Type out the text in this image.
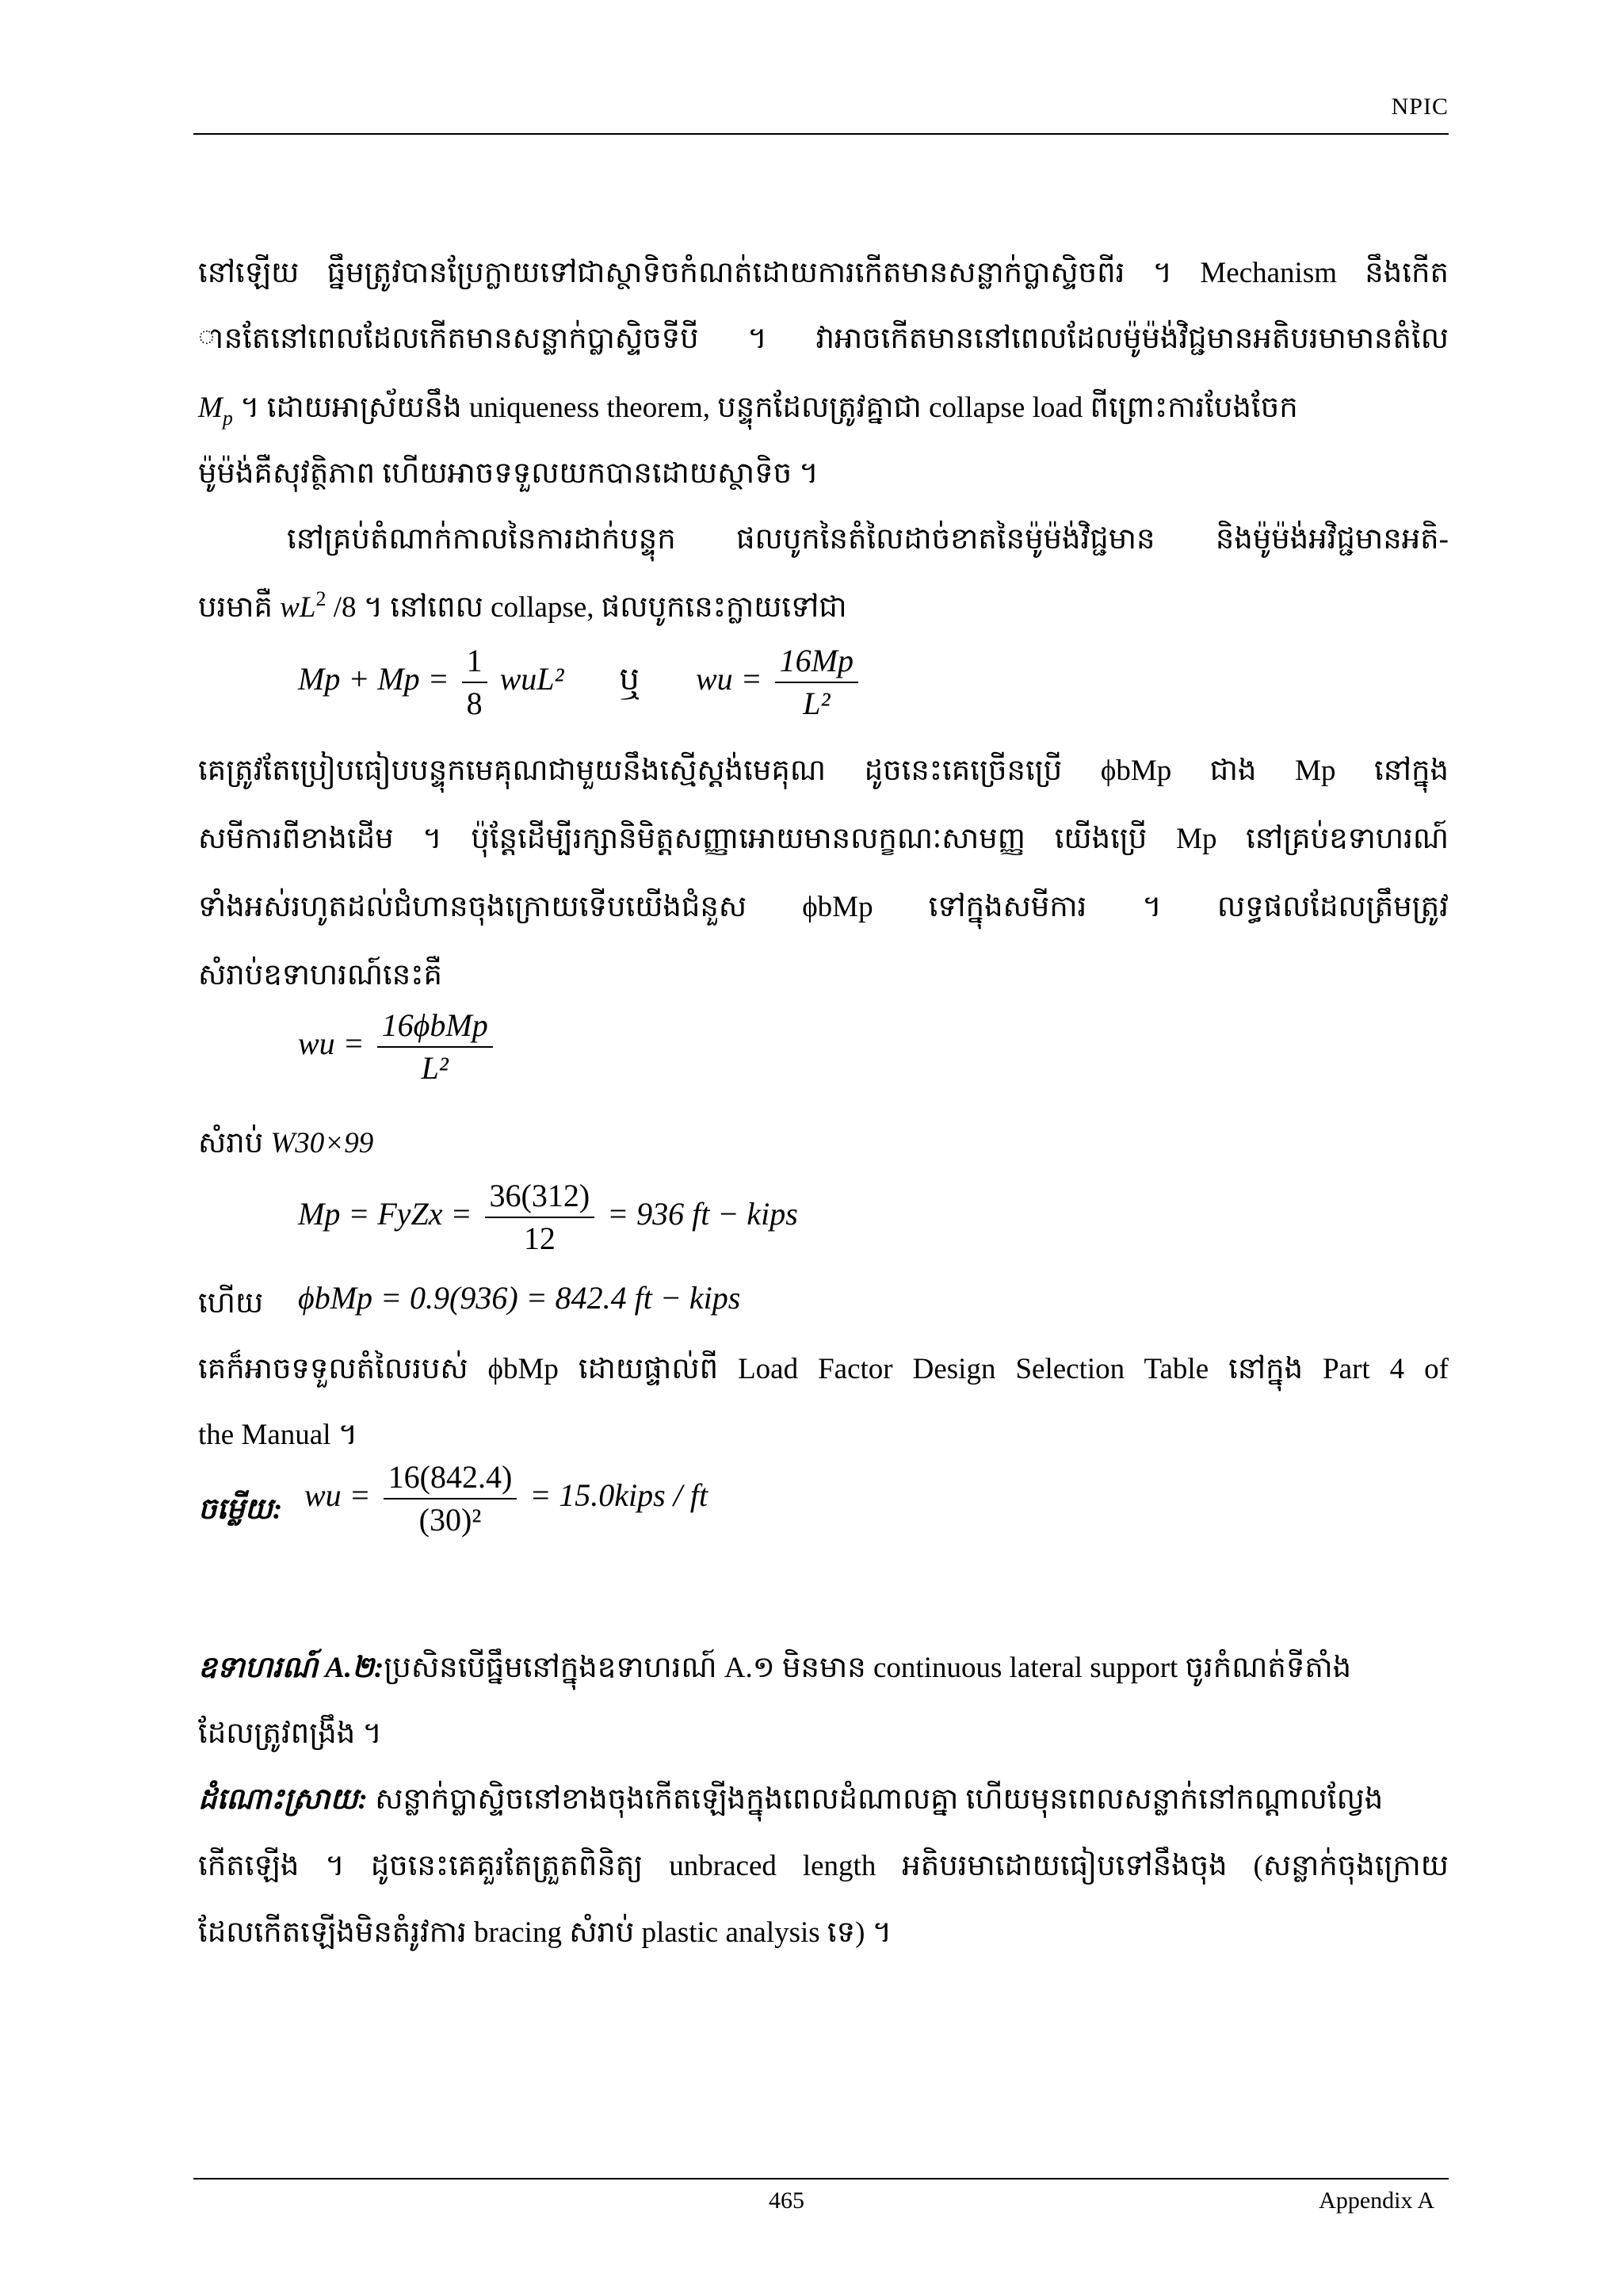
NPIC
នៅឡើយ ធ្នឹមត្រូវបានប្រែក្លាយទៅជាស្ថាទិចកំណត់ដោយការកើតមានសន្លាក់ប្លាស្ទិចពីរ ។ Mechanism នឹងកើត
ានតែនៅពេលដែលកើតមានសន្លាក់ប្លាស្ទិចទីបី ។ វាអាចកើតមាននៅពេលដែលម៉ូម៉ង់វិជ្ជមានអតិបរមាមានតំលៃ
$M_p$ ។ ដោយអាស្រ័យនឹង uniqueness theorem, បន្ទុកដែលត្រូវគ្នាជា collapse load ពីព្រោះការបែងចែក
ម៉ូម៉ង់គឺសុវត្ថិភាព ហើយអាចទទួលយកបានដោយស្ថាទិច ។
នៅគ្រប់តំណាក់កាលនៃការដាក់បន្ទុក ផលបូកនៃតំលៃដាច់ខាតនៃម៉ូម៉ង់វិជ្ជមាន និងម៉ូម៉ង់អវិជ្ជមានអតិ-
បរមាគឺ $wL^2$ /8 ។ នៅពេល collapse, ផលបូកនេះក្លាយទៅជា
$Mp + Mp = \frac{1}{8} wuL^2$ ឬ wu = $\frac{16Mp}{\text{L²}}$
គេត្រូវតែប្រៀបធៀបបន្ទុកមេគុណជាមួយនឹងស្មើស្តង់មេគុណ ដូចនេះគេច្រើនប្រើ ϕbMp ជាង Mp នៅក្នុង
សមីការពីខាងដើម ។ ប៉ុន្តែដើម្បីរក្សានិមិត្តសញ្ញាអោយមានលក្ខណៈសាមញ្ញ យើងប្រើ Mp នៅគ្រប់ឧទាហរណ៍
ទាំងអស់រហូតដល់ជំហានចុងក្រោយទើបយើងជំនួស ϕbMp ទៅក្នុងសមីការ ។ លទ្ធផលដែលត្រឹមត្រូវ
សំរាប់ឧទាហរណ៍នេះគឺ
wu = $\frac{\text{16ϕbMp}}{\text{L²}}$
សំរាប់ W30×99
Mp = FyZx = $\frac{36(312)}{12} = 936$ ft − kips
ហើយ	ϕbMp = 0.9(936) = 842.4 ft − kips
គេក៏អាចទទួលតំលៃរបស់ ϕbMp ដោយផ្ទាល់ពី Load Factor Design Selection Table នៅក្នុង Part 4 of
the Manual ។
ចម្លើយ: wu = $\frac{16(842.4)}{\text{(30)²}}$ = 15.0kips / ft
ឧទាហរណ៍ A.២:ប្រសិនបើធ្នឹមនៅក្នុងឧទាហរណ៍ A.១ មិនមាន continuous lateral support ចូរកំណត់ទីតាំង
ដែលត្រូវពង្រឹង ។
ដំណោះស្រាយ: សន្លាក់ប្លាស្ទិចនៅខាងចុងកើតឡើងក្នុងពេលដំណាលគ្នា ហើយមុនពេលសន្លាក់នៅកណ្តាលល្វែង
កើតឡើង ។ ដូចនេះគេគួរតែត្រួតពិនិត្យ unbraced length អតិបរមាដោយធៀបទៅនឹងចុង (សន្លាក់ចុងក្រោយ
ដែលកើតឡើងមិនតំរូវការ bracing សំរាប់ plastic analysis ទេ) ។
465	Appendix A
